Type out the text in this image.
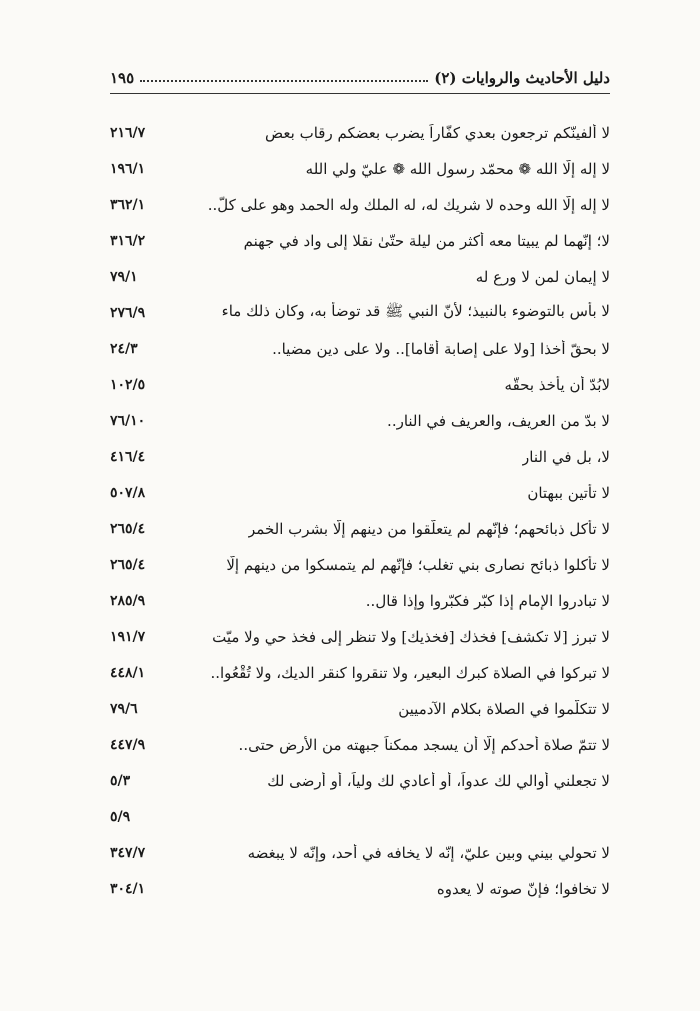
دليل الأحاديث والروايات (٢)
١٩٥
لا ألفينّكم ترجعون بعدي كفّاراً يضرب بعضكم رقاب بعض
٢١٦/٧
لا إله إلّا الله ❁ محمّد رسول الله ❁ عليّ ولي الله
١٩٦/١
لا إله إلّا الله وحده لا شريك له، له الملك وله الحمد وهو على كلّ..
٣٦٢/١
لا؛ إنّهما لم يبيتا معه أكثر من ليلة حتّىٰ نقلا إلى واد في جهنم
٣١٦/٢
لا إيمان لمن لا ورع له
٧٩/١
لا بأس بالتوضوء بالنبيذ؛ لأنّ النبي ﷺ قد توضأ به، وكان ذلك ماء
٢٧٦/٩
لا بحقّ أخذا [ولا على إصابة أقاما].. ولا على دين مضيا..
٢٤/٣
لابُدّ أن يأخذ بحقّه
١٠٢/٥
لا بدّ من العريف، والعريف في النار..
٧٦/١٠
لا، بل في النار
٤١٦/٤
لا تأتين ببهتان
٥٠٧/٨
لا تأكل ذبائحهم؛ فإنّهم لم يتعلّقوا من دينهم إلّا بشرب الخمر
٢٦٥/٤
لا تأكلوا ذبائح نصارى بني تغلب؛ فإنّهم لم يتمسكوا من دينهم إلّا
٢٦٥/٤
لا تبادروا الإمام إذا كبّر فكبّروا وإذا قال..
٢٨٥/٩
لا تبرز [لا تكشف] فخذك [فخذيك] ولا تنظر إلى فخذ حي ولا ميّت
١٩١/٧
لا تبركوا في الصلاة كبرك البعير، ولا تنقروا كنقر الديك، ولا تُقْعُوا..
٤٤٨/١
لا تتكلّموا في الصلاة بكلام الآدميين
٧٩/٦
لا تتمّ صلاة أحدكم إلّا أن يسجد ممكناً جبهته من الأرض حتى..
٤٤٧/٩
لا تجعلني أُوالي لك عدواً، أو أُعادي لك ولياً، أو أرضى لك
٥/٣
٥/٩
لا تحولي بيني وبين عليّ، إنّه لا يخافه في أحد، وإنّه لا يبغضه
٣٤٧/٧
لا تخافوا؛ فإنّ صوته لا يعدوه
٣٠٤/١
